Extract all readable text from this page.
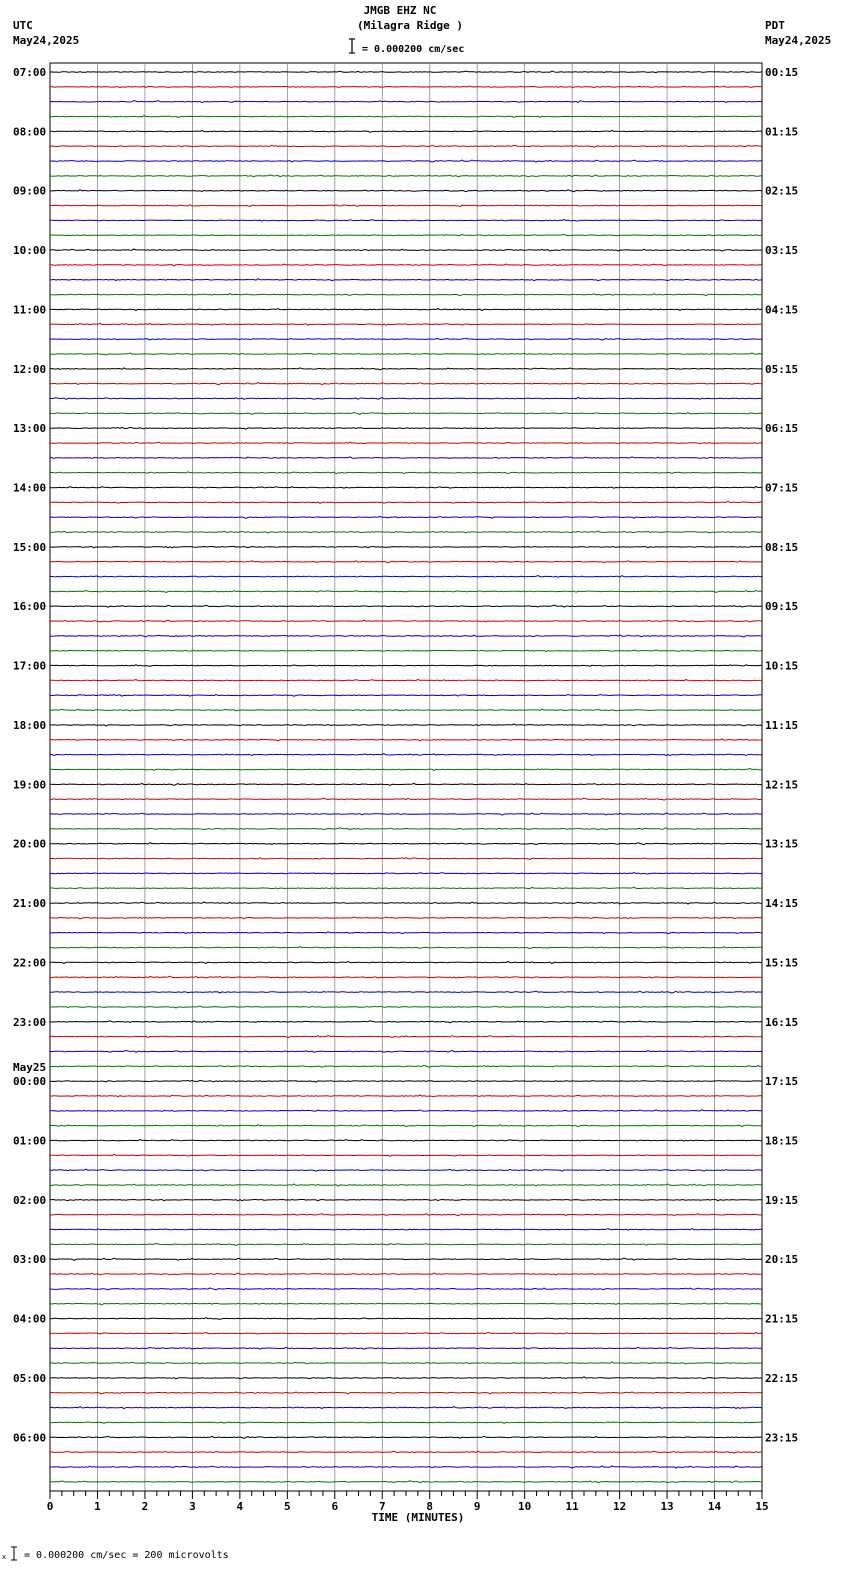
JMGB EHZ NC
(Milagra Ridge )
= 0.000200 cm/sec
UTC
May24,2025
PDT
May24,2025
x
07:00
08:00
09:00
10:00
11:00
12:00
13:00
14:00
15:00
16:00
17:00
18:00
19:00
20:00
21:00
22:00
23:00
00:00
May25
01:00
02:00
03:00
04:00
05:00
06:00
00:15
01:15
02:15
03:15
04:15
05:15
06:15
07:15
08:15
09:15
10:15
11:15
12:15
13:15
14:15
15:15
16:15
17:15
18:15
19:15
20:15
21:15
22:15
23:15
0	1	2	3	4	5	6	7	8	9	10	11	12	13	14	15
TIME (MINUTES)
= 0.000200 cm/sec = 200 microvolts
